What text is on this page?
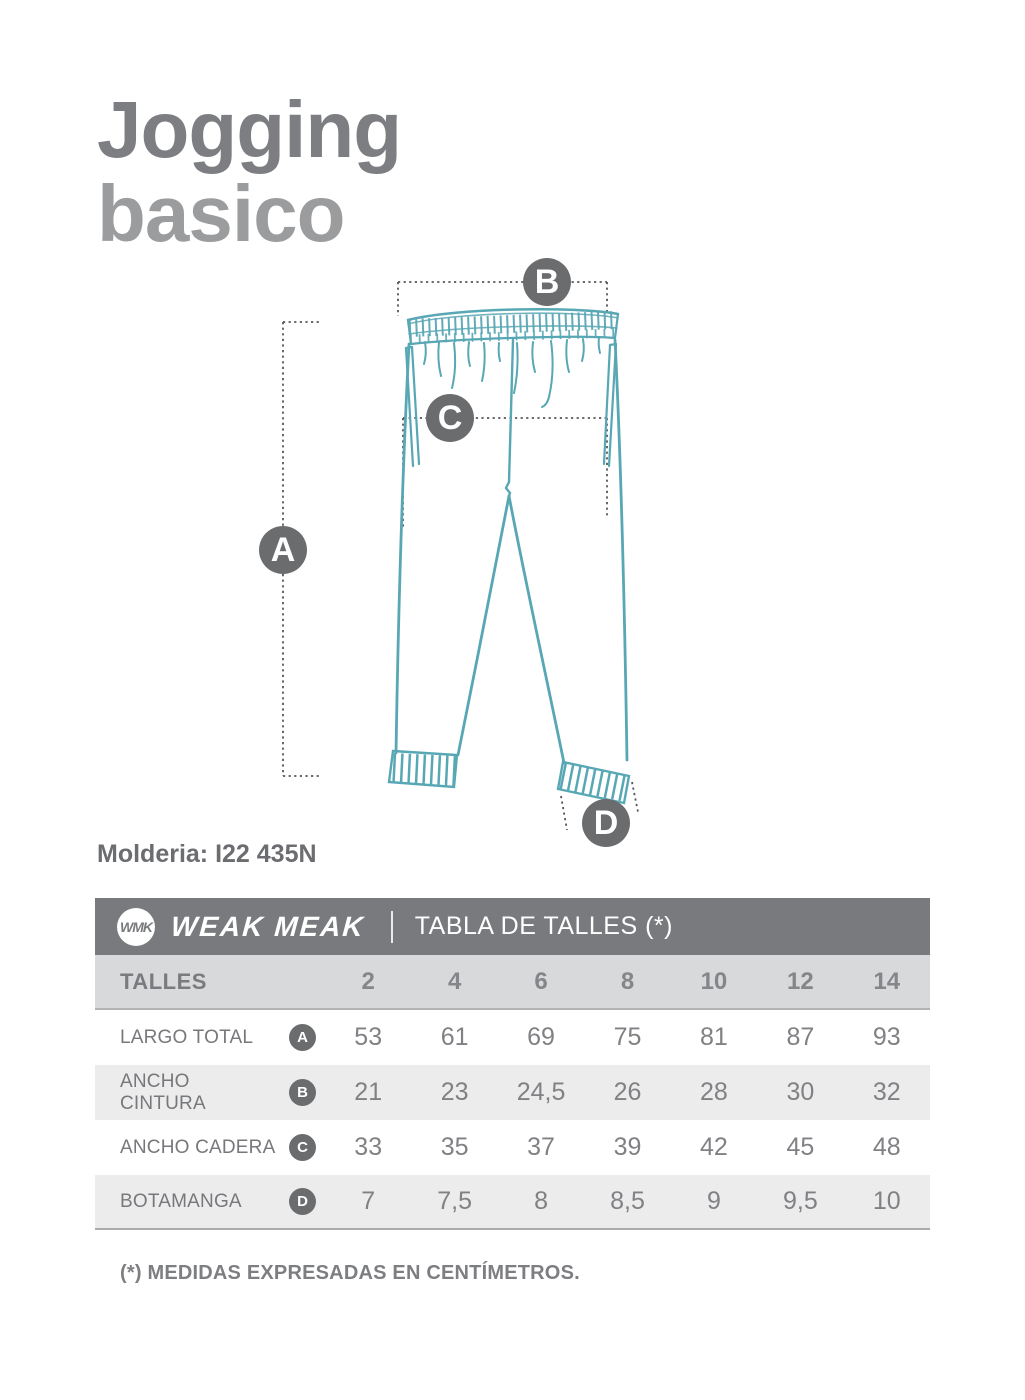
Jogging
basico
B
A
C
D
Molderia: I22 435N
WMK WEAK MEAK TABLA DE TALLES (*)
TALLES	2	4	6	8	10	12	14
LARGO TOTAL	A	53	61	69	75	81	87	93
ANCHO CINTURA	B	21	23	24,5	26	28	30	32
ANCHO CADERA	C	33	35	37	39	42	45	48
BOTAMANGA	D	7	7,5	8	8,5	9	9,5	10
(*) MEDIDAS EXPRESADAS EN CENTÍMETROS.
